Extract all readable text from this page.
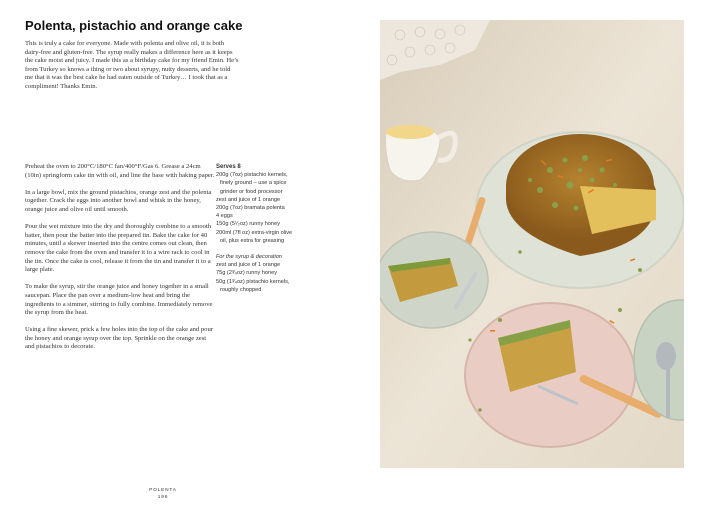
Polenta, pistachio and orange cake
This is truly a cake for everyone. Made with polenta and olive oil, it is both dairy-free and gluten-free. The syrup really makes a difference here as it keeps the cake moist and juicy. I made this as a birthday cake for my friend Emin. He’s from Turkey so knows a thing or two about syrupy, nutty desserts, and he told me that it was the best cake he had eaten outside of Turkey… I took that as a compliment! Thanks Emin.

Preheat the oven to 200°C/180°C fan/400°F/Gas 6. Grease a 24cm (10in) springform cake tin with oil, and line the base with baking paper.

In a large bowl, mix the ground pistachios, orange zest and the polenta together. Crack the eggs into another bowl and whisk in the honey, orange juice and olive oil until smooth.

Pour the wet mixture into the dry and thoroughly combine to a smooth batter, then pour the batter into the prepared tin. Bake the cake for 40 minutes, until a skewer inserted into the centre comes out clean, then remove the cake from the oven and transfer it to a wire rack to cool in the tin. Once the cake is cool, release it from the tin and transfer it to a large plate.

To make the syrup, stir the orange juice and honey together in a small saucepan. Place the pan over a medium-low heat and bring the ingredients to a simmer, stirring to fully combine. Immediately remove the syrup from the heat.

Using a fine skewer, prick a few holes into the top of the cake and pour the honey and orange syrup over the top. Sprinkle on the orange zest and pistachios to decorate.

Serves 8
200g (7oz) pistachio kernels,
finely ground – use a spice
grinder or food processor
zest and juice of 1 orange
200g (7oz) bramata polenta
4 eggs
150g (5¹⁄₂oz) runny honey
200ml (7fl oz) extra-virgin olive
oil, plus extra for greasing
For the syrup & decoration
zest and juice of 1 orange
75g (2³⁄₄oz) runny honey
50g (1³⁄₄oz) pistachio kernels,
roughly chopped
POLENTA
196
